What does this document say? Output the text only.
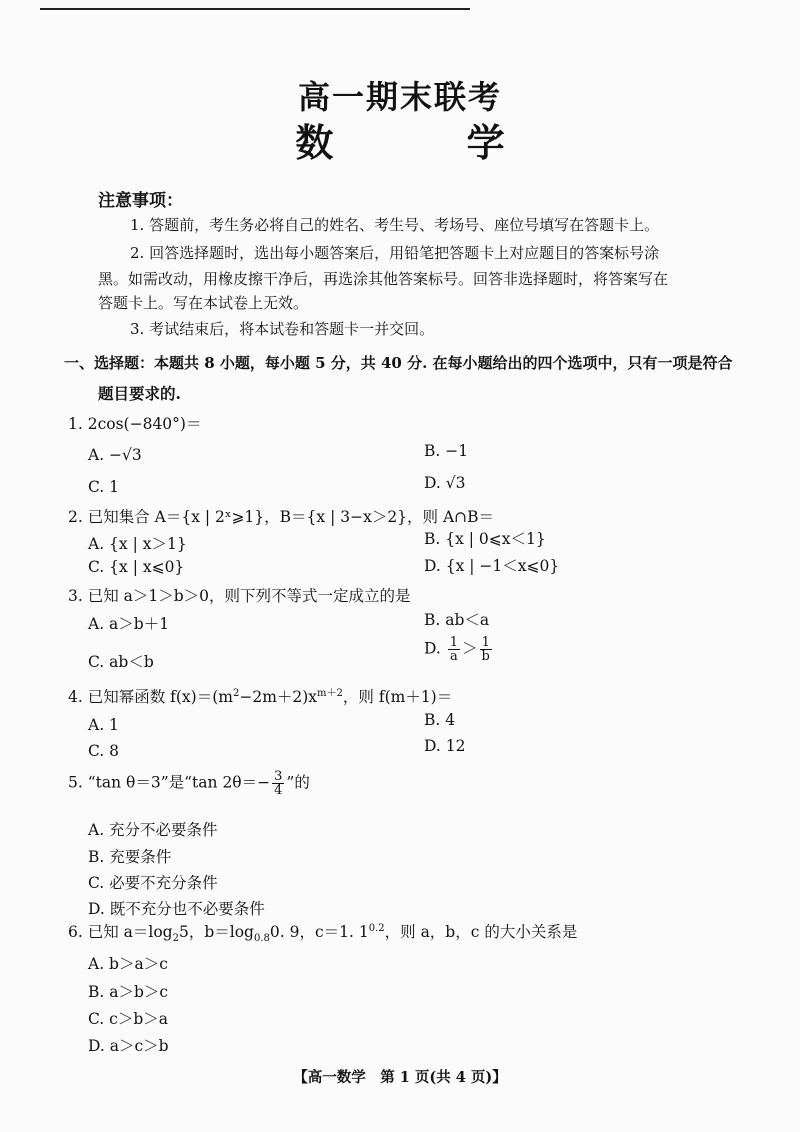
高一期末联考
数 学
注意事项：
1. 答题前，考生务必将自己的姓名、考生号、考场号、座位号填写在答题卡上。
2. 回答选择题时，选出每小题答案后，用铅笔把答题卡上对应题目的答案标号涂
黑。如需改动，用橡皮擦干净后，再选涂其他答案标号。回答非选择题时，将答案写在
答题卡上。写在本试卷上无效。
3. 考试结束后，将本试卷和答题卡一并交回。
一、选择题：本题共 8 小题，每小题 5 分，共 40 分. 在每小题给出的四个选项中，只有一项是符合
题目要求的.
1. 2cos(−840°)＝
A. −√3	B. −1
C. 1	D. √3
2. 已知集合 A＝{x | 2ˣ⩾1}，B＝{x | 3−x＞2}，则 A∩B＝
A. {x | x＞1}	B. {x | 0⩽x＜1}
C. {x | x⩽0}	D. {x | −1＜x⩽0}
3. 已知 a＞1＞b＞0，则下列不等式一定成立的是
A. a＞b＋1	B. ab＜a
C. ab＜b
D. $\frac{1}{a} > \frac{1}{b}$
4. 已知幂函数 $f(x)=(m^2-2m+2)x^{m+2}$，则 f(m＋1)＝
A. 1	B. 4
C. 8	D. 12
5. “tan θ＝3”是“tan $2\theta=- \frac{3}{4}$ ”的
A. 充分不必要条件
B. 充要条件
C. 必要不充分条件
D. 既不充分也不必要条件
6. 已知 $a=\log_25$，$b=\log_{0.8}0$. 9，c＝1. $1^{0.2}$，则 a，b，c 的大小关系是
A. b＞a＞c
B. a＞b＞c
C. c＞b＞a
D. a＞c＞b
【高一数学　第 1 页(共 4 页)】
